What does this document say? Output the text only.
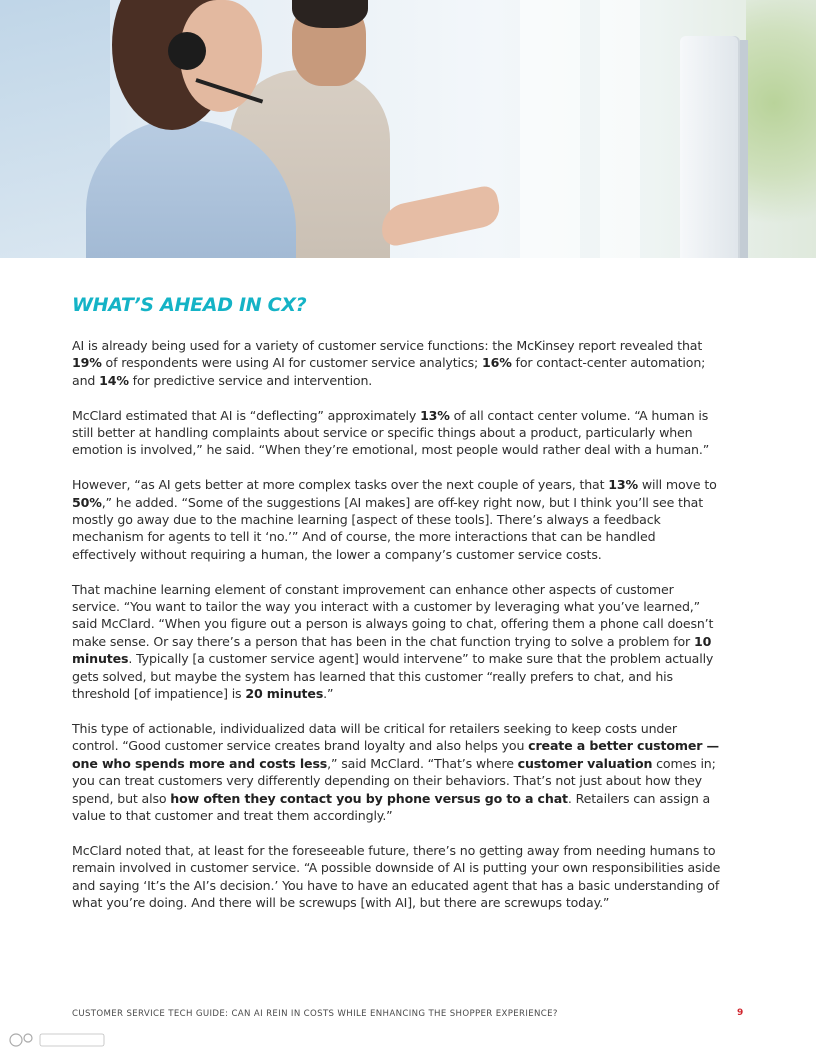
WHAT’S AHEAD IN CX?

AI is already being used for a variety of customer service functions: the McKinsey report revealed that 19% of respondents were using AI for customer service analytics; 16% for contact-center automation; and 14% for predictive service and intervention.

McClard estimated that AI is “deflecting” approximately 13% of all contact center volume. “A human is still better at handling complaints about service or specific things about a product, particularly when emotion is involved,” he said. “When they’re emotional, most people would rather deal with a human.”

However, “as AI gets better at more complex tasks over the next couple of years, that 13% will move to 50%,” he added. “Some of the suggestions [AI makes] are off-key right now, but I think you’ll see that mostly go away due to the machine learning [aspect of these tools]. There’s always a feedback mechanism for agents to tell it ‘no.’” And of course, the more interactions that can be handled effectively without requiring a human, the lower a company’s customer service costs.

That machine learning element of constant improvement can enhance other aspects of customer service. “You want to tailor the way you interact with a customer by leveraging what you’ve learned,” said McClard. “When you figure out a person is always going to chat, offering them a phone call doesn’t make sense. Or say there’s a person that has been in the chat function trying to solve a problem for 10 minutes. Typically [a customer service agent] would intervene” to make sure that the problem actually gets solved, but maybe the system has learned that this customer “really prefers to chat, and his threshold [of impatience] is 20 minutes.”

This type of actionable, individualized data will be critical for retailers seeking to keep costs under control. “Good customer service creates brand loyalty and also helps you create a better customer — one who spends more and costs less,” said McClard. “That’s where customer valuation comes in; you can treat customers very differently depending on their behaviors. That’s not just about how they spend, but also how often they contact you by phone versus go to a chat. Retailers can assign a value to that customer and treat them accordingly.”

McClard noted that, at least for the foreseeable future, there’s no getting away from needing humans to remain involved in customer service. “A possible downside of AI is putting your own responsibilities aside and saying ‘It’s the AI’s decision.’ You have to have an educated agent that has a basic understanding of what you’re doing. And there will be screwups [with AI], but there are screwups today.”

CUSTOMER SERVICE TECH GUIDE: CAN AI REIN IN COSTS WHILE ENHANCING THE SHOPPER EXPERIENCE?	9
